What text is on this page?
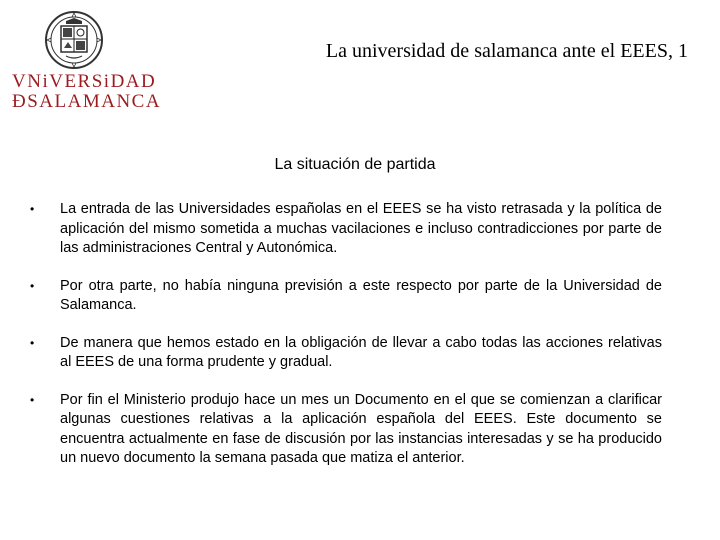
VNiVERSiDAD
ÐSALAMANCA
La universidad de salamanca ante el EEES, 1
La situación de partida
• La entrada de las Universidades españolas en el EEES se ha visto retrasada y la política de aplicación del mismo sometida a muchas vacilaciones e incluso contradicciones por parte de las administraciones Central y Autonómica.
• Por otra parte, no había ninguna previsión a este respecto por parte de la Universidad de Salamanca.
• De manera que hemos estado en la obligación de llevar a cabo todas las acciones relativas al EEES de una forma prudente y gradual.
• Por fin el Ministerio produjo hace un mes un Documento en el que se comienzan a clarificar algunas cuestiones relativas a la aplicación española del EEES. Este documento se encuentra actualmente en fase de discusión por las instancias interesadas y se ha producido un nuevo documento la semana pasada que matiza el anterior.
